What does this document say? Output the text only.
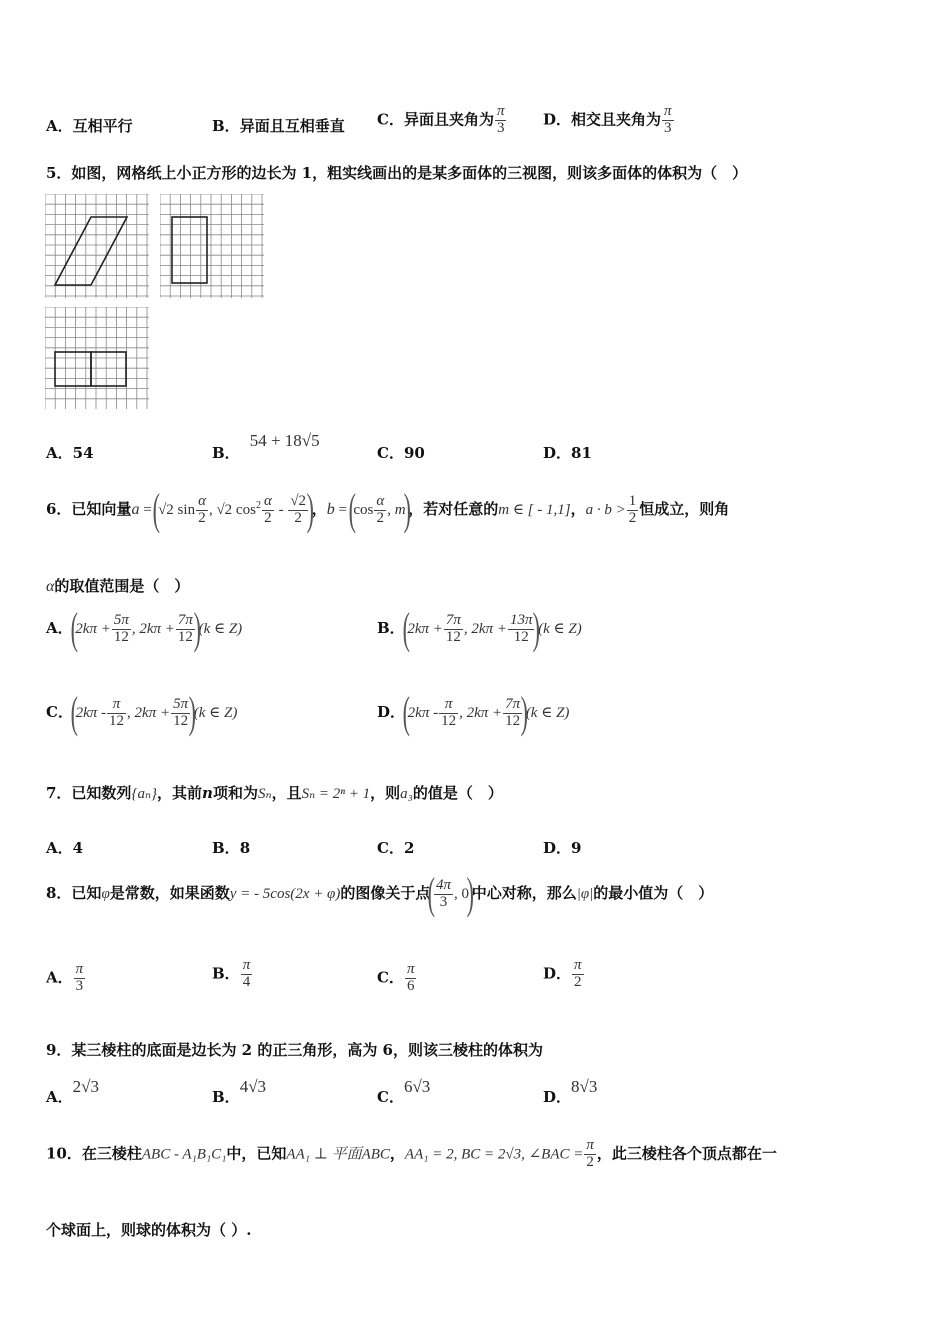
A．互相平行	B．异面且互相垂直 C．异面且夹角为 $\frac{\pi}{3}$ D．相交且夹角为 $\frac{\pi}{3}$
5．如图，网格纸上小正方形的边长为 1，粗实线画出的是某多面体的三视图，则该多面体的体积为（　）
A．54	B．54 + 18√5
C．90	D．81
6．已知向量a = (√2 $\sin \frac{\alpha}{2}$ , √2 $\cos^2 \frac{\alpha}{2} - \frac{√2}{2}$
)，$b = (\cos \frac{\alpha}{2}$ , m)，若对任意的m ∈ [ - 1,1]，$a \cdot b > \frac{1}{2}$ 恒成立，则角
α的取值范围是（　）
A．($2k\pi + \frac{5\pi}{12}$ , $2k\pi + \frac{7\pi}{12}$
)(k ∈ Z)	B．($2k\pi + \frac{7\pi}{12}$ , $2k\pi + \frac{13\pi}{12}$
)(k ∈ Z)
C．($2k\pi - \frac{\pi}{12}$ , $2k\pi + \frac{5\pi}{12}$
)(k ∈ Z)	D．($2k\pi - \frac{\pi}{12}$ , $2k\pi + \frac{7\pi}{12}$
)(k ∈ Z)
7．已知数列{aₙ}，其前n项和为Sₙ，且Sₙ = 2ⁿ + 1，则a₃的值是（　）
A．4	B．8	C．2	D．9
8．已知φ是常数，如果函数y = - 5cos(2x + φ)的图像关于点(
$\frac{4\pi}{3}$ , 0)中心对称，那么|φ|的最小值为（　）
A． $\frac{\pi}{3}$	B． $\frac{\pi}{4}$	C． $\frac{\pi}{6}$	D． $\frac{\pi}{2}$
9．某三棱柱的底面是边长为 2 的正三角形，高为 6，则该三棱柱的体积为
A．2√3
B．4√3
C．6√3
D．8√3
10．在三棱柱ABC - A₁B₁C₁中，已知AA₁ ⊥ 平面ABC，AA₁ = 2, BC = 2√3, ∠BAC = $\frac{\pi}{2}$ ，此三棱柱各个顶点都在一
个球面上，则球的体积为（ ）.
